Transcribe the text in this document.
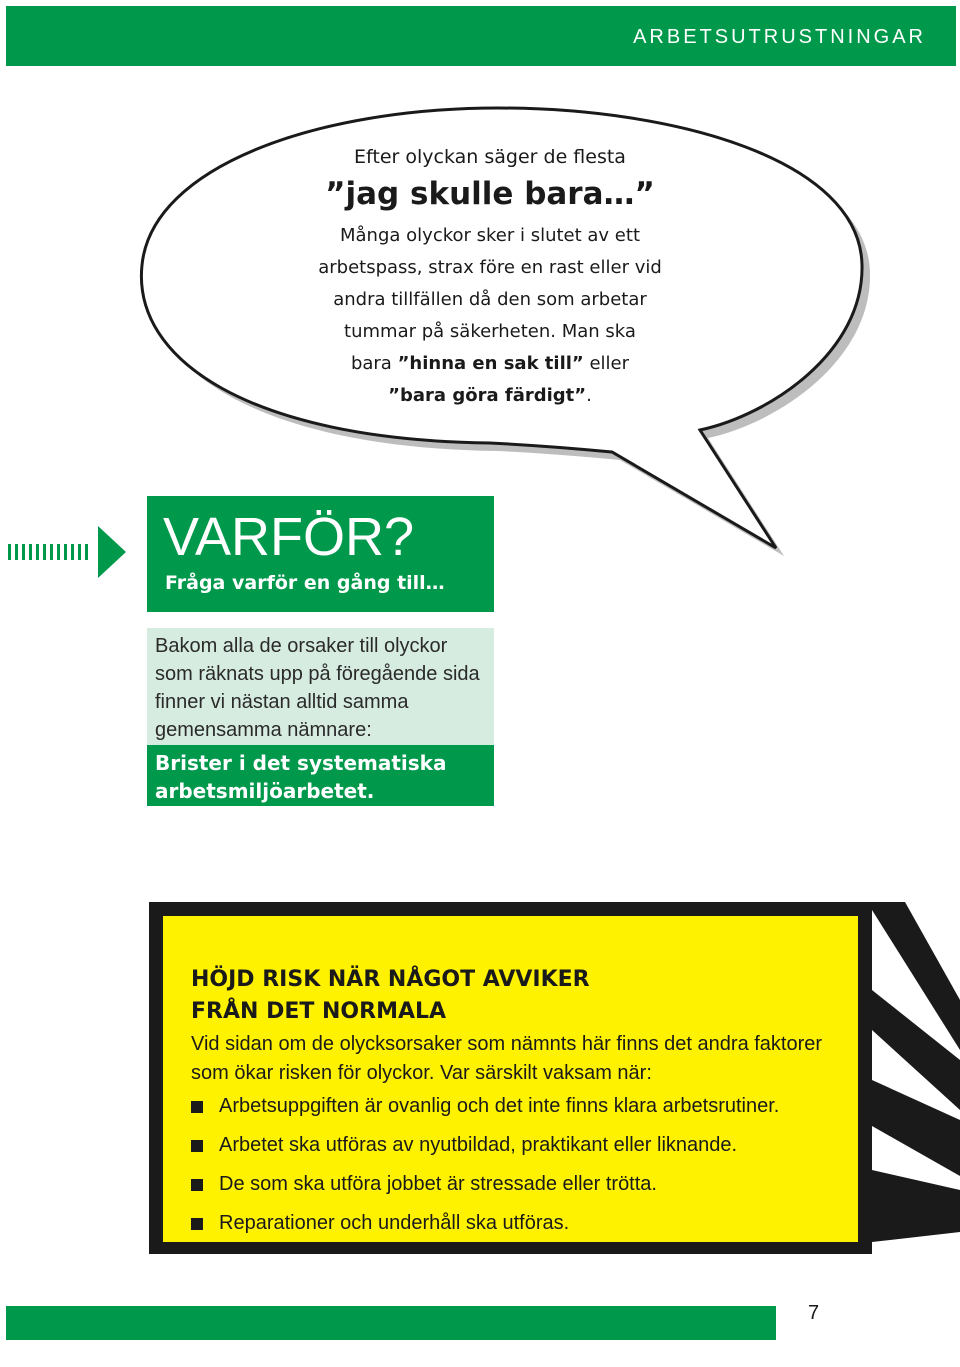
ARBETSUTRUSTNINGAR
Efter olyckan säger de flesta
”jag skulle bara…”
Många olyckor sker i slutet av ett
arbetspass, strax före en rast eller vid
andra tillfällen då den som arbetar
tummar på säkerheten. Man ska
bara ”hinna en sak till” eller
”bara göra färdigt”.
VARFÖR?
Fråga varför en gång till…
Bakom alla de orsaker till olyckor som räknats upp på föregående sida finner vi nästan alltid samma gemensamma nämnare:
Brister i det systematiska arbetsmiljöarbetet.
HÖJD RISK NÄR NÅGOT AVVIKER
FRÅN DET NORMALA
Vid sidan om de olycksorsaker som nämnts här finns det andra faktorer som ökar risken för olyckor. Var särskilt vaksam när:
Arbetsuppgiften är ovanlig och det inte finns klara arbetsrutiner.
Arbetet ska utföras av nyutbildad, praktikant eller liknande.
De som ska utföra jobbet är stressade eller trötta.
Reparationer och underhåll ska utföras.
7
